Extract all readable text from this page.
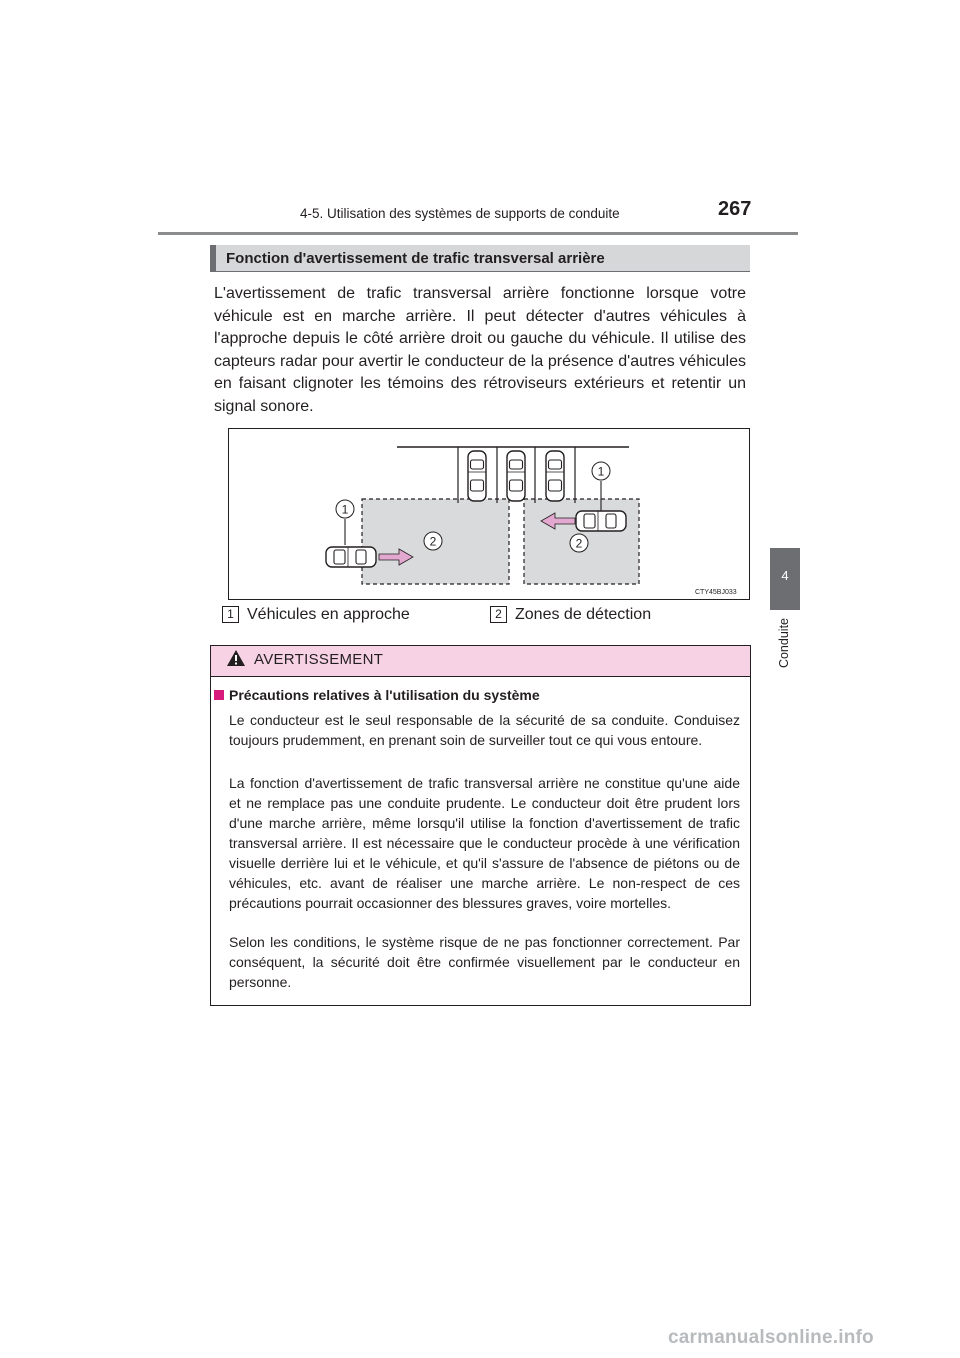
4-5. Utilisation des systèmes de supports de conduite	267
4
Conduite
Fonction d'avertissement de trafic transversal arrière
L'avertissement de trafic transversal arrière fonctionne lorsque votre véhicule est en marche arrière. Il peut détecter d'autres véhicules à l'approche depuis le côté arrière droit ou gauche du véhicule. Il utilise des capteurs radar pour avertir le conducteur de la présence d'autres véhicules en faisant clignoter les témoins des rétroviseurs extérieurs et retentir un signal sonore.
1
1
2	2
CTY45BJ033
1 Véhicules en approche	2 Zones de détection
AVERTISSEMENT
Précautions relatives à l'utilisation du système
Le conducteur est le seul responsable de la sécurité de sa conduite. Conduisez toujours prudemment, en prenant soin de surveiller tout ce qui vous entoure.
La fonction d'avertissement de trafic transversal arrière ne constitue qu'une aide et ne remplace pas une conduite prudente. Le conducteur doit être prudent lors d'une marche arrière, même lorsqu'il utilise la fonction d'avertissement de trafic transversal arrière. Il est nécessaire que le conducteur procède à une vérification visuelle derrière lui et le véhicule, et qu'il s'assure de l'absence de piétons ou de véhicules, etc. avant de réaliser une marche arrière. Le non-respect de ces précautions pourrait occasionner des blessures graves, voire mortelles.
Selon les conditions, le système risque de ne pas fonctionner correctement. Par conséquent, la sécurité doit être confirmée visuellement par le conducteur en personne.
carmanualsonline.info
